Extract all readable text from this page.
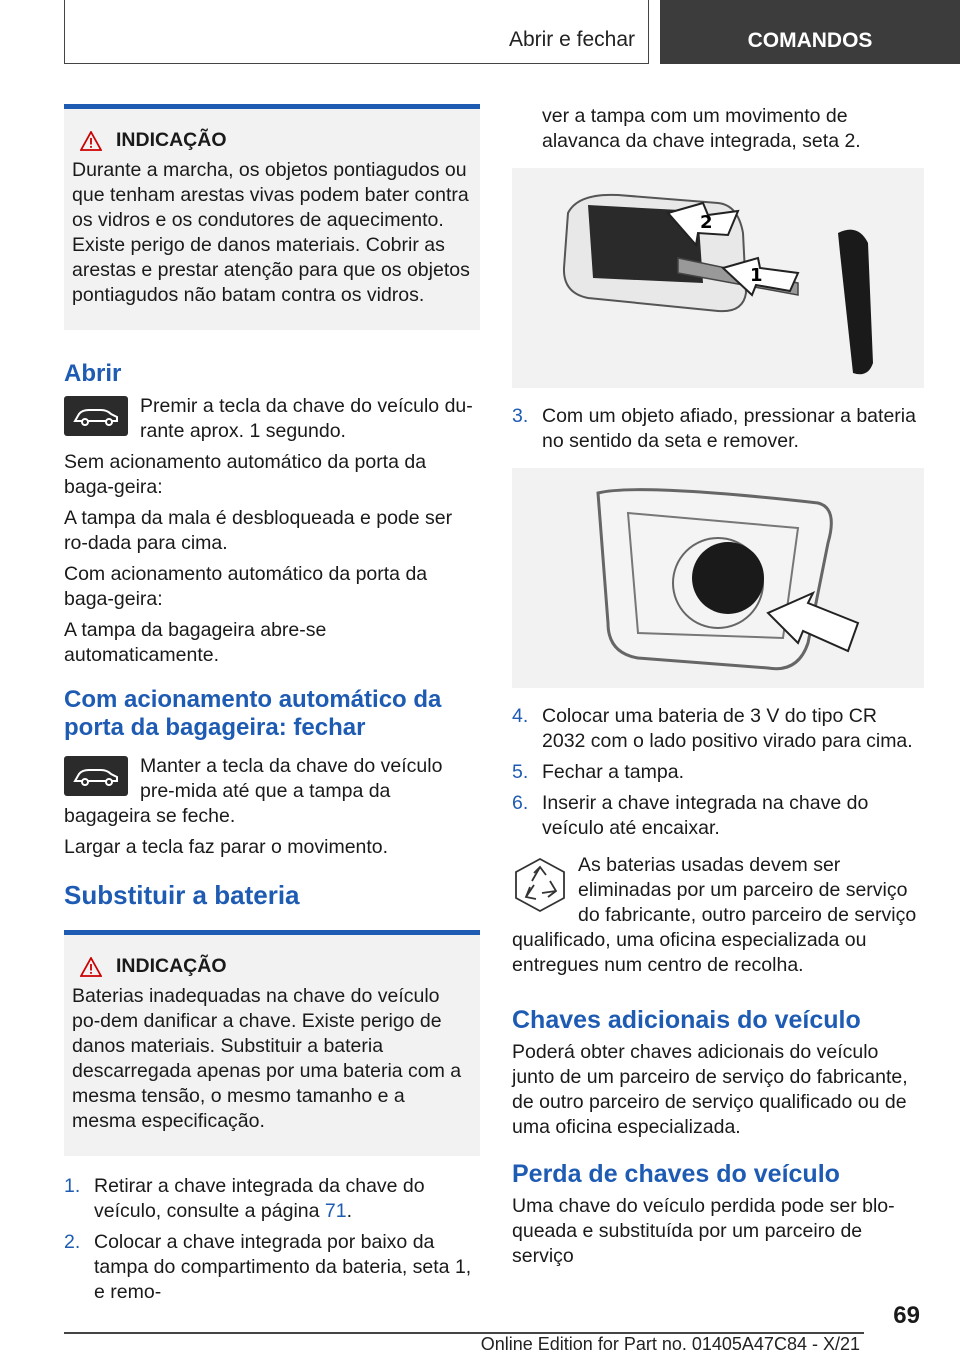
Abrir e fechar	COMANDOS
INDICAÇÃO

Durante a marcha, os objetos pontiagudos ou que tenham arestas vivas podem bater contra os vidros e os condutores de aquecimento. Existe perigo de danos materiais. Cobrir as arestas e prestar atenção para que os objetos pontiagudos não batam contra os vidros.

Abrir

Premir a tecla da chave do veículo du-rante aprox. 1 segundo.

Sem acionamento automático da porta da baga-geira:

A tampa da mala é desbloqueada e pode ser ro-dada para cima.

Com acionamento automático da porta da baga-geira:

A tampa da bagageira abre-se automaticamente.

Com acionamento automático da porta da bagageira: fechar

Manter a tecla da chave do veículo pre-mida até que a tampa da bagageira se feche.

Largar a tecla faz parar o movimento.

Substituir a bateria
INDICAÇÃO

Baterias inadequadas na chave do veículo po-dem danificar a chave. Existe perigo de danos materiais. Substituir a bateria descarregada apenas por uma bateria com a mesma tensão, o mesmo tamanho e a mesma especificação.

1. Retirar a chave integrada da chave do veículo, consulte a página 71.
2. Colocar a chave integrada por baixo da tampa do compartimento da bateria, seta 1, e remo-

ver a tampa com um movimento de alavanca da chave integrada, seta 2.

2
1
3. Com um objeto afiado, pressionar a bateria no sentido da seta e remover.
4. Colocar uma bateria de 3 V do tipo CR 2032 com o lado positivo virado para cima.
5. Fechar a tampa.
6. Inserir a chave integrada na chave do veículo até encaixar.

As baterias usadas devem ser eliminadas por um parceiro de serviço do fabricante, outro parceiro de serviço qualificado, uma oficina especializada ou entregues num centro de recolha.

Chaves adicionais do veículo

Poderá obter chaves adicionais do veículo junto de um parceiro de serviço do fabricante, de outro parceiro de serviço qualificado ou de uma oficina especializada.

Perda de chaves do veículo

Uma chave do veículo perdida pode ser blo-queada e substituída por um parceiro de serviço

69
Online Edition for Part no. 01405A47C84 - X/21
